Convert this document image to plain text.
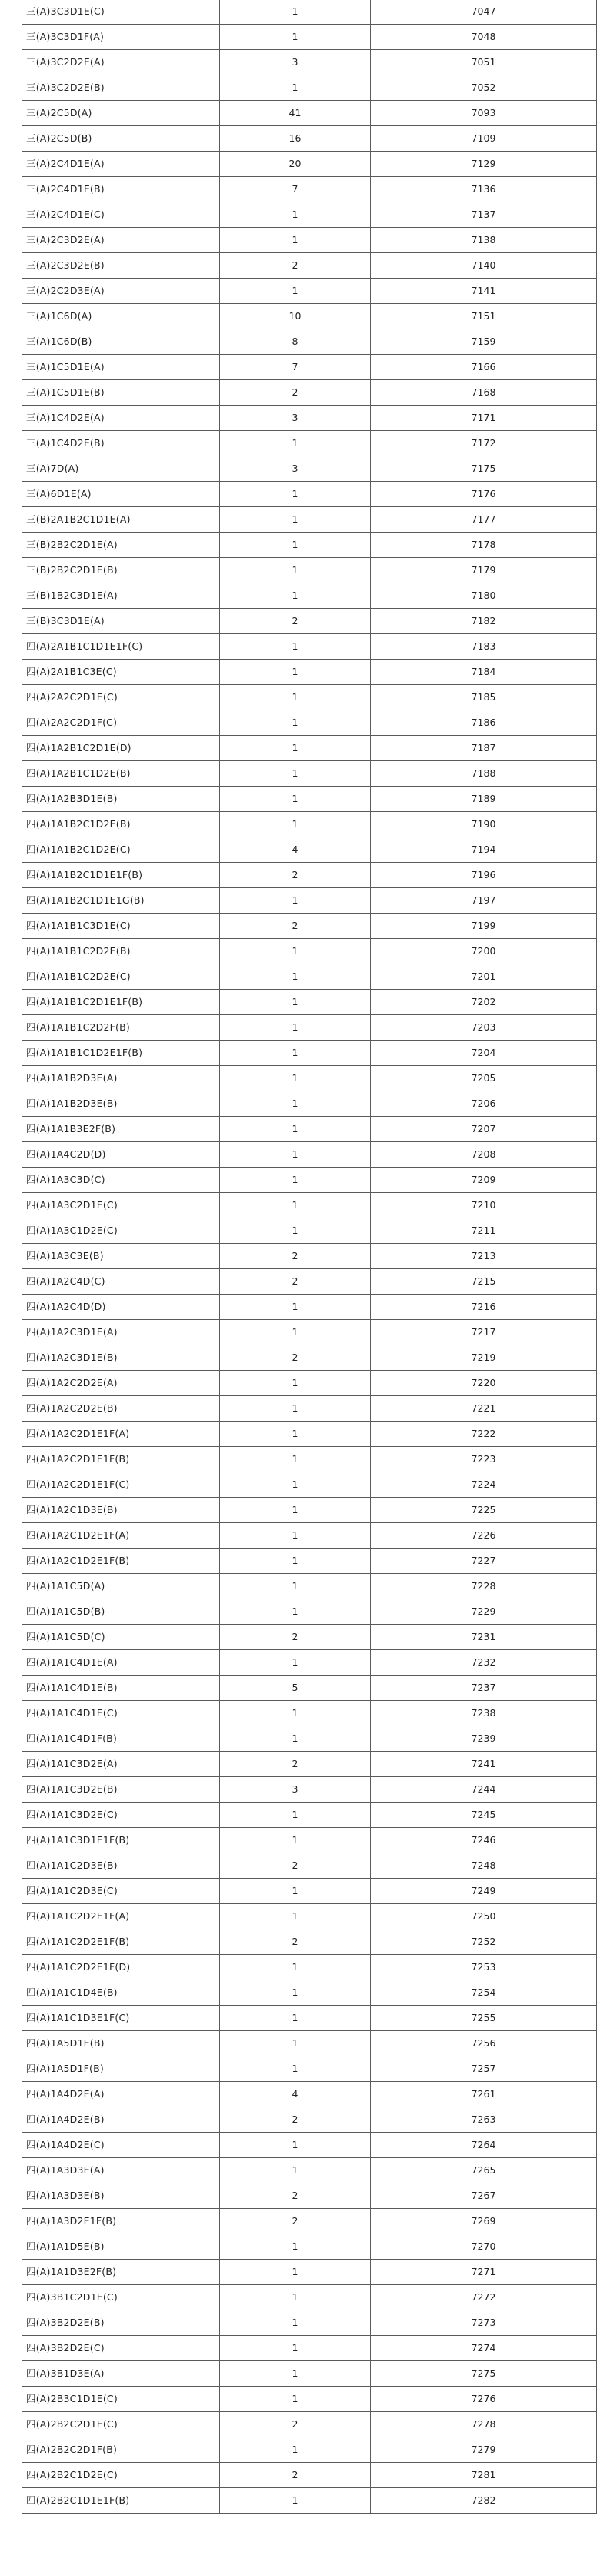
三(A)3C3D1E(C)	1	7047
三(A)3C3D1F(A)	1	7048
三(A)3C2D2E(A)	3	7051
三(A)3C2D2E(B)	1	7052
三(A)2C5D(A)	41	7093
三(A)2C5D(B)	16	7109
三(A)2C4D1E(A)	20	7129
三(A)2C4D1E(B)	7	7136
三(A)2C4D1E(C)	1	7137
三(A)2C3D2E(A)	1	7138
三(A)2C3D2E(B)	2	7140
三(A)2C2D3E(A)	1	7141
三(A)1C6D(A)	10	7151
三(A)1C6D(B)	8	7159
三(A)1C5D1E(A)	7	7166
三(A)1C5D1E(B)	2	7168
三(A)1C4D2E(A)	3	7171
三(A)1C4D2E(B)	1	7172
三(A)7D(A)	3	7175
三(A)6D1E(A)	1	7176
三(B)2A1B2C1D1E(A)	1	7177
三(B)2B2C2D1E(A)	1	7178
三(B)2B2C2D1E(B)	1	7179
三(B)1B2C3D1E(A)	1	7180
三(B)3C3D1E(A)	2	7182
四(A)2A1B1C1D1E1F(C)	1	7183
四(A)2A1B1C3E(C)	1	7184
四(A)2A2C2D1E(C)	1	7185
四(A)2A2C2D1F(C)	1	7186
四(A)1A2B1C2D1E(D)	1	7187
四(A)1A2B1C1D2E(B)	1	7188
四(A)1A2B3D1E(B)	1	7189
四(A)1A1B2C1D2E(B)	1	7190
四(A)1A1B2C1D2E(C)	4	7194
四(A)1A1B2C1D1E1F(B)	2	7196
四(A)1A1B2C1D1E1G(B)	1	7197
四(A)1A1B1C3D1E(C)	2	7199
四(A)1A1B1C2D2E(B)	1	7200
四(A)1A1B1C2D2E(C)	1	7201
四(A)1A1B1C2D1E1F(B)	1	7202
四(A)1A1B1C2D2F(B)	1	7203
四(A)1A1B1C1D2E1F(B)	1	7204
四(A)1A1B2D3E(A)	1	7205
四(A)1A1B2D3E(B)	1	7206
四(A)1A1B3E2F(B)	1	7207
四(A)1A4C2D(D)	1	7208
四(A)1A3C3D(C)	1	7209
四(A)1A3C2D1E(C)	1	7210
四(A)1A3C1D2E(C)	1	7211
四(A)1A3C3E(B)	2	7213
四(A)1A2C4D(C)	2	7215
四(A)1A2C4D(D)	1	7216
四(A)1A2C3D1E(A)	1	7217
四(A)1A2C3D1E(B)	2	7219
四(A)1A2C2D2E(A)	1	7220
四(A)1A2C2D2E(B)	1	7221
四(A)1A2C2D1E1F(A)	1	7222
四(A)1A2C2D1E1F(B)	1	7223
四(A)1A2C2D1E1F(C)	1	7224
四(A)1A2C1D3E(B)	1	7225
四(A)1A2C1D2E1F(A)	1	7226
四(A)1A2C1D2E1F(B)	1	7227
四(A)1A1C5D(A)	1	7228
四(A)1A1C5D(B)	1	7229
四(A)1A1C5D(C)	2	7231
四(A)1A1C4D1E(A)	1	7232
四(A)1A1C4D1E(B)	5	7237
四(A)1A1C4D1E(C)	1	7238
四(A)1A1C4D1F(B)	1	7239
四(A)1A1C3D2E(A)	2	7241
四(A)1A1C3D2E(B)	3	7244
四(A)1A1C3D2E(C)	1	7245
四(A)1A1C3D1E1F(B)	1	7246
四(A)1A1C2D3E(B)	2	7248
四(A)1A1C2D3E(C)	1	7249
四(A)1A1C2D2E1F(A)	1	7250
四(A)1A1C2D2E1F(B)	2	7252
四(A)1A1C2D2E1F(D)	1	7253
四(A)1A1C1D4E(B)	1	7254
四(A)1A1C1D3E1F(C)	1	7255
四(A)1A5D1E(B)	1	7256
四(A)1A5D1F(B)	1	7257
四(A)1A4D2E(A)	4	7261
四(A)1A4D2E(B)	2	7263
四(A)1A4D2E(C)	1	7264
四(A)1A3D3E(A)	1	7265
四(A)1A3D3E(B)	2	7267
四(A)1A3D2E1F(B)	2	7269
四(A)1A1D5E(B)	1	7270
四(A)1A1D3E2F(B)	1	7271
四(A)3B1C2D1E(C)	1	7272
四(A)3B2D2E(B)	1	7273
四(A)3B2D2E(C)	1	7274
四(A)3B1D3E(A)	1	7275
四(A)2B3C1D1E(C)	1	7276
四(A)2B2C2D1E(C)	2	7278
四(A)2B2C2D1F(B)	1	7279
四(A)2B2C1D2E(C)	2	7281
四(A)2B2C1D1E1F(B)	1	7282
